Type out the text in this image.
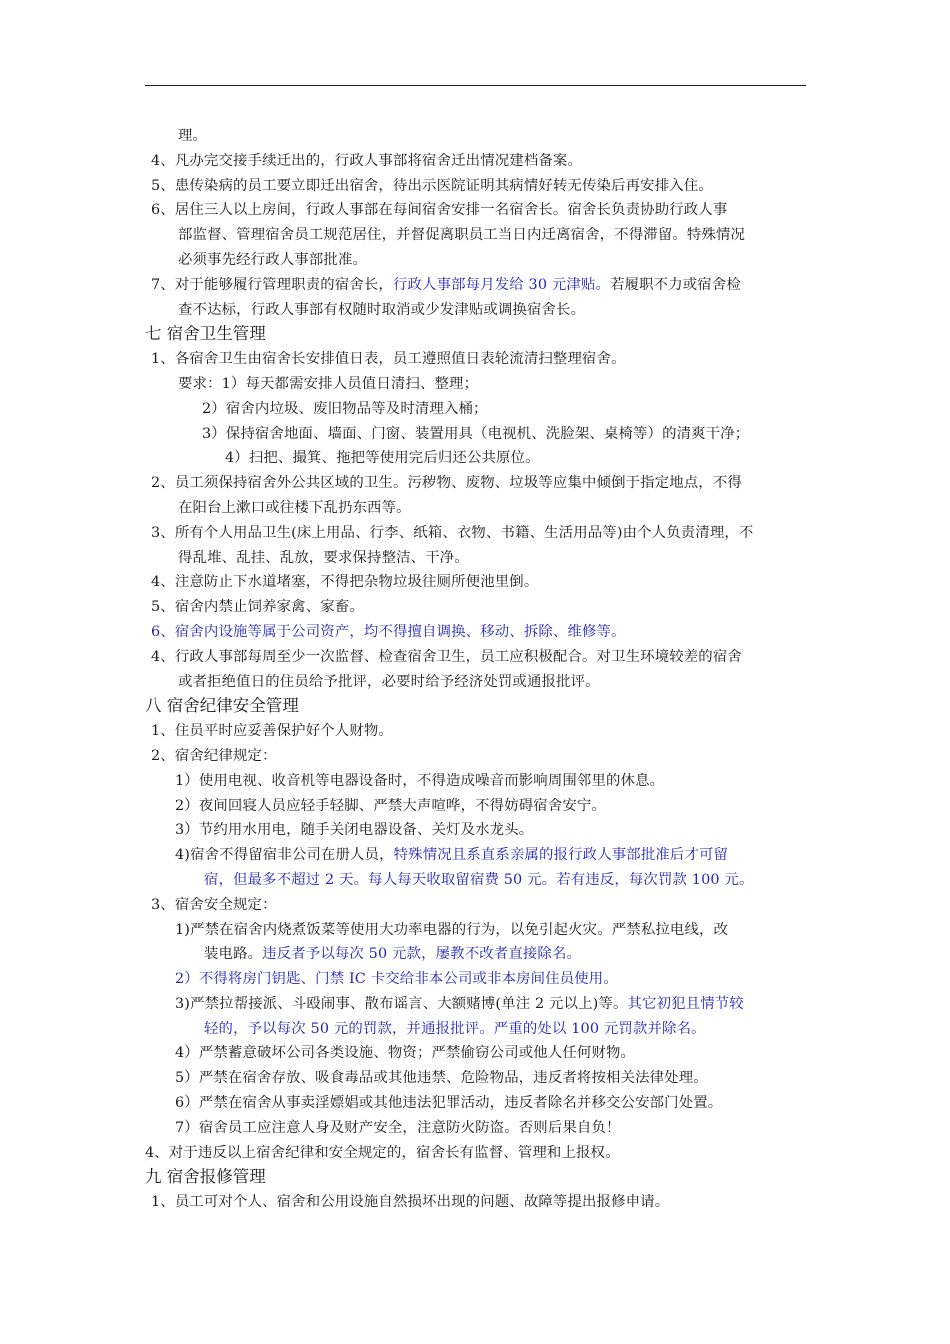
理。
4、凡办完交接手续迁出的，行政人事部将宿舍迁出情况建档备案。
5、患传染病的员工要立即迁出宿舍，待出示医院证明其病情好转无传染后再安排入住。
6、居住三人以上房间，行政人事部在每间宿舍安排一名宿舍长。宿舍长负责协助行政人事
部监督、管理宿舍员工规范居住，并督促离职员工当日内迁离宿舍，不得滞留。特殊情况
必须事先经行政人事部批准。
7、对于能够履行管理职责的宿舍长，行政人事部每月发给 30 元津贴。若履职不力或宿舍检
查不达标，行政人事部有权随时取消或少发津贴或调换宿舍长。
七 宿舍卫生管理
1、各宿舍卫生由宿舍长安排值日表，员工遵照值日表轮流清扫整理宿舍。
要求：1）每天都需安排人员值日清扫、整理；
2）宿舍内垃圾、废旧物品等及时清理入桶；
3）保持宿舍地面、墙面、门窗、装置用具（电视机、洗脸架、桌椅等）的清爽干净；
4）扫把、撮箕、拖把等使用完后归还公共原位。
2、员工须保持宿舍外公共区域的卫生。污秽物、废物、垃圾等应集中倾倒于指定地点，不得
在阳台上漱口或往楼下乱扔东西等。
3、所有个人用品卫生(床上用品、行李、纸箱、衣物、书籍、生活用品等)由个人负责清理，不
得乱堆、乱挂、乱放，要求保持整洁、干净。
4、注意防止下水道堵塞，不得把杂物垃圾往厕所便池里倒。
5、宿舍内禁止饲养家禽、家畜。
6、宿舍内设施等属于公司资产，均不得擅自调换、移动、拆除、维修等。
4、行政人事部每周至少一次监督、检查宿舍卫生，员工应积极配合。对卫生环境较差的宿舍
或者拒绝值日的住员给予批评，必要时给予经济处罚或通报批评。
八 宿舍纪律安全管理
1、住员平时应妥善保护好个人财物。
2、宿舍纪律规定：
1）使用电视、收音机等电器设备时，不得造成噪音而影响周围邻里的休息。
2）夜间回寝人员应轻手轻脚、严禁大声喧哗，不得妨碍宿舍安宁。
3）节约用水用电，随手关闭电器设备、关灯及水龙头。
4)宿舍不得留宿非公司在册人员，特殊情况且系直系亲属的报行政人事部批准后才可留
宿，但最多不超过 2 天。每人每天收取留宿费 50 元。若有违反，每次罚款 100 元。
3、宿舍安全规定：
1)严禁在宿舍内烧煮饭菜等使用大功率电器的行为，以免引起火灾。严禁私拉电线，改
装电路。违反者予以每次 50 元款，屡教不改者直接除名。
2）不得将房门钥匙、门禁 IC 卡交给非本公司或非本房间住员使用。
3)严禁拉帮接派、斗殴闹事、散布谣言、大额赌博(单注 2 元以上)等。其它初犯且情节较
轻的，予以每次 50 元的罚款，并通报批评。严重的处以 100 元罚款并除名。
4）严禁蓄意破坏公司各类设施、物资；严禁偷窃公司或他人任何财物。
5）严禁在宿舍存放、吸食毒品或其他违禁、危险物品，违反者将按相关法律处理。
6）严禁在宿舍从事卖淫嫖娼或其他违法犯罪活动，违反者除名并移交公安部门处置。
7）宿舍员工应注意人身及财产安全，注意防火防盗。否则后果自负！
4、对于违反以上宿舍纪律和安全规定的，宿舍长有监督、管理和上报权。
九 宿舍报修管理
1、员工可对个人、宿舍和公用设施自然损坏出现的问题、故障等提出报修申请。
